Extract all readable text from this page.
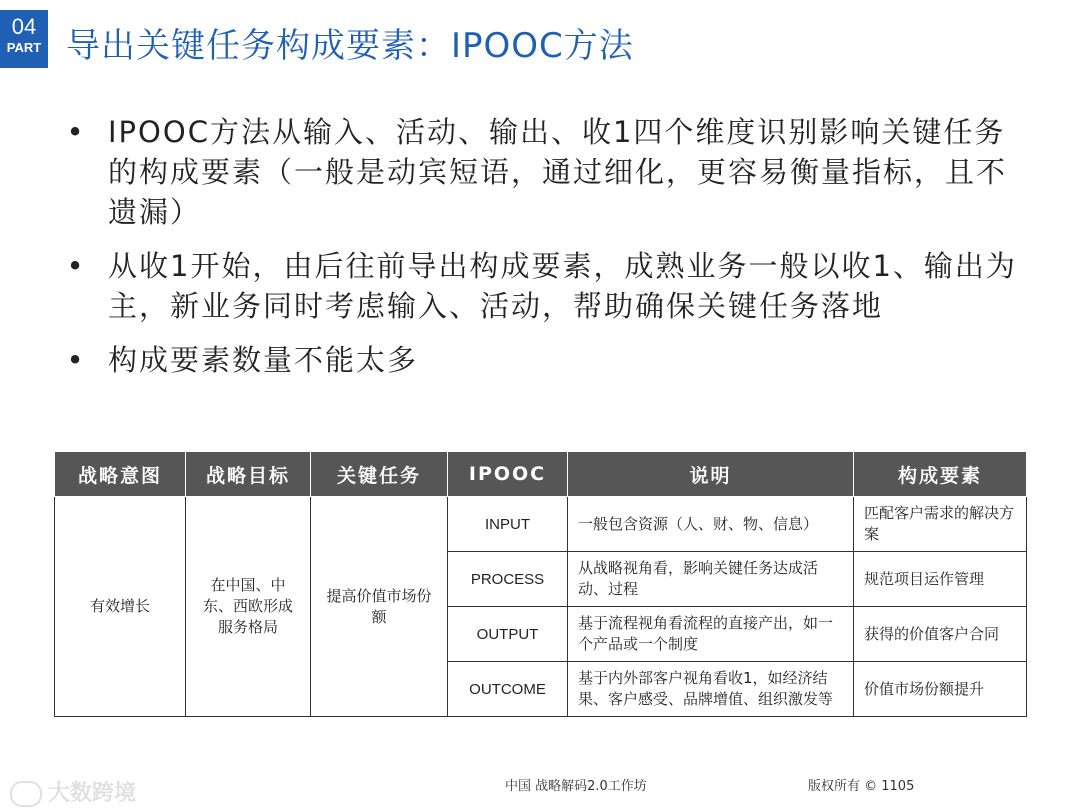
04
PART 导出关键任务构成要素：IPOOC方法
• IPOOC方法从输入、活动、输出、收1四个维度识别影响关键任务的构成要素（一般是动宾短语，通过细化，更容易衡量指标，且不遗漏）
• 从收1开始，由后往前导出构成要素，成熟业务一般以收1、输出为主，新业务同时考虑输入、活动，帮助确保关键任务落地
• 构成要素数量不能太多
战略意图	战略目标	关键任务	IPOOC	说明	构成要素
有效增长	在中国、中东、西欧形成服务格局	提高价值市场份额	INPUT	一般包含资源（人、财、物、信息）	匹配客户需求的解决方案
			PROCESS	从战略视角看，影响关键任务达成活动、过程	规范项目运作管理
			OUTPUT	基于流程视角看流程的直接产出，如一个产品或一个制度	获得的价值客户合同
			OUTCOME	基于内外部客户视角看收1，如经济结果、客户感受、品牌增值、组织激发等	价值市场份额提升
中国 战略解码2.0工作坊	版权所有 © 1105
大数跨境
